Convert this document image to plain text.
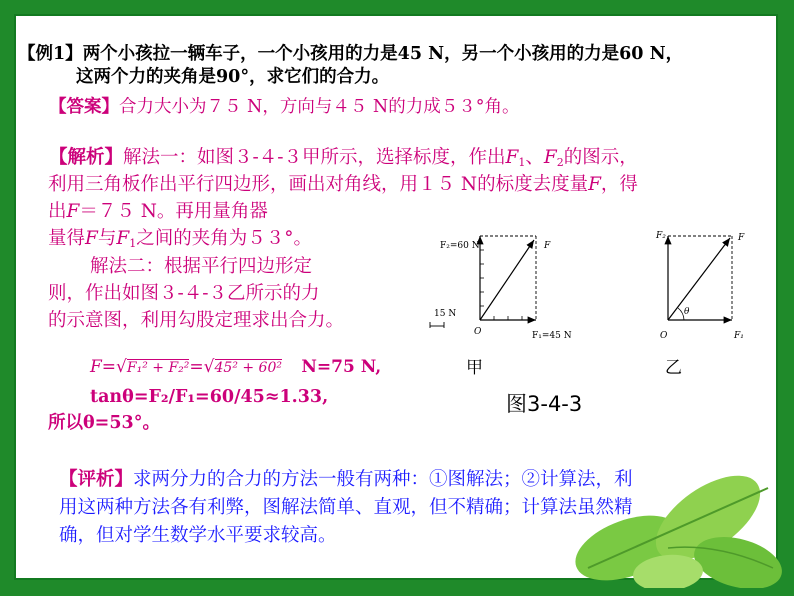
【例1】两个小孩拉一辆车子，一个小孩用的力是45 N，另一个小孩用的力是60 N，
这两个力的夹角是90°，求它们的合力。
【答案】合力大小为７５ N，方向与４５ N的力成５３°角。
【解析】解法一：如图３-４-３甲所示，选择标度，作出$F_1$、$F_2$的图示，
利用三角板作出平行四边形，画出对角线，用１５ N的标度去度量F，得
出F＝７５ N。再用量角器
量得F与$F_1$之间的夹角为５３°。
解法二：根据平行四边形定
则，作出如图３-４-３乙所示的力
的示意图，利用勾股定理求出合力。
F=√F₁² + F₂²=√45² + 60² N=75 N,
tanθ=F₂/F₁=60/45≈1.33,
所以θ=53°。
【评析】求两分力的合力的方法一般有两种：①图解法；②计算法，利
用这两种方法各有利弊，图解法简单、直观，但不精确；计算法虽然精
确，但对学生数学水平要求较高。
F₂=60 N	F
F₁=45 N
O
15 N
F₂	F
F₁
O
θ
甲	乙
图3-4-3
